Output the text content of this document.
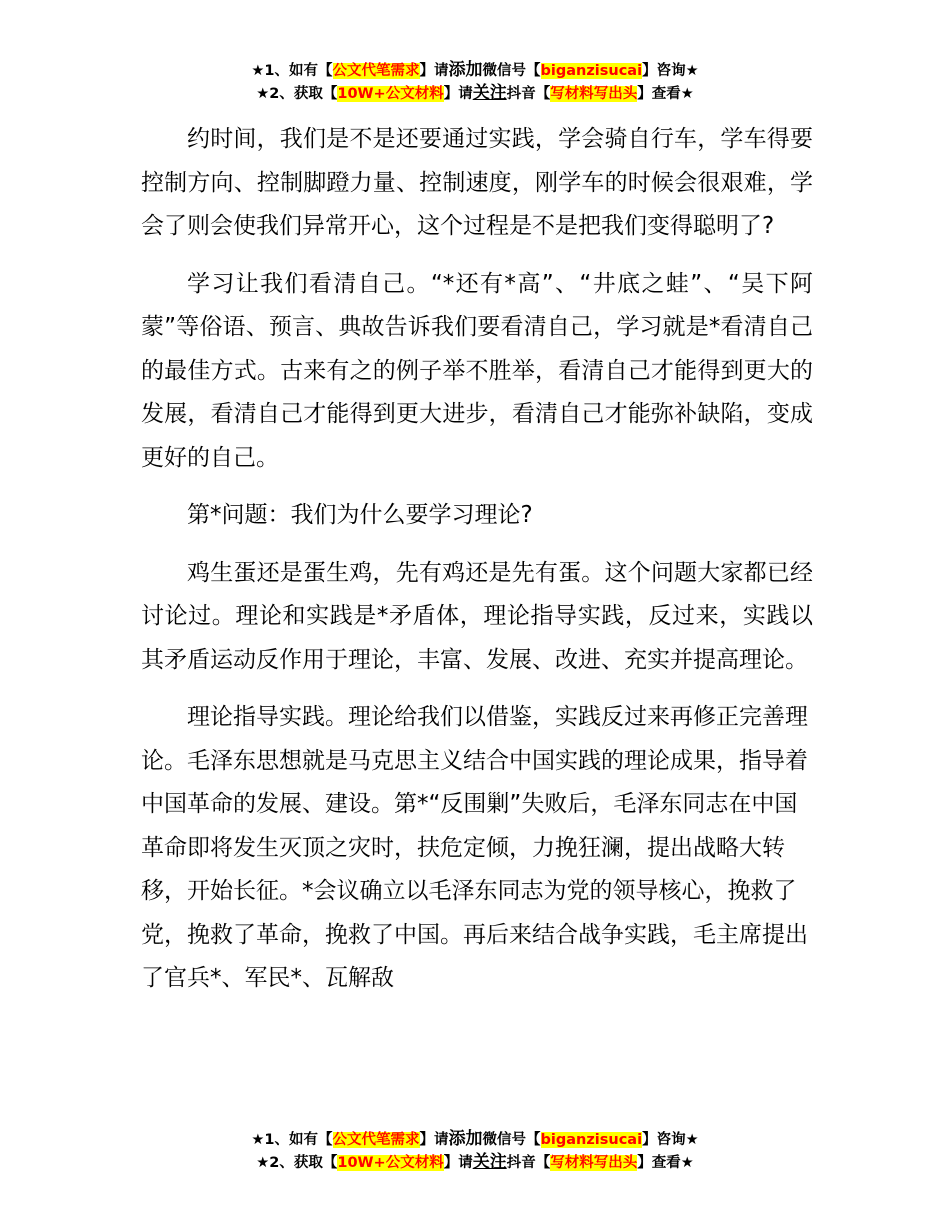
★1、如有【公文代笔需求】请添加微信号【biganzisucai】咨询★
★2、获取【10W+公文材料】请关注抖音【写材料写出头】查看★

约时间，我们是不是还要通过实践，学会骑自行车，学车得要控制方向、控制脚蹬力量、控制速度，刚学车的时候会很艰难，学会了则会使我们异常开心，这个过程是不是把我们变得聪明了?

学习让我们看清自己。“*还有*高”、“井底之蛙”、“吴下阿蒙”等俗语、预言、典故告诉我们要看清自己，学习就是*看清自己的最佳方式。古来有之的例子举不胜举，看清自己才能得到更大的发展，看清自己才能得到更大进步，看清自己才能弥补缺陷，变成更好的自己。

第*问题：我们为什么要学习理论?

鸡生蛋还是蛋生鸡，先有鸡还是先有蛋。这个问题大家都已经讨论过。理论和实践是*矛盾体，理论指导实践，反过来，实践以其矛盾运动反作用于理论，丰富、发展、改进、充实并提高理论。

理论指导实践。理论给我们以借鉴，实践反过来再修正完善理论。毛泽东思想就是马克思主义结合中国实践的理论成果，指导着中国革命的发展、建设。第*“反围剿”失败后，毛泽东同志在中国革命即将发生灭顶之灾时，扶危定倾，力挽狂澜，提出战略大转移，开始长征。*会议确立以毛泽东同志为党的领导核心，挽救了党，挽救了革命，挽救了中国。再后来结合战争实践，毛主席提出了官兵*、军民*、瓦解敌

★1、如有【公文代笔需求】请添加微信号【biganzisucai】咨询★
★2、获取【10W+公文材料】请关注抖音【写材料写出头】查看★
